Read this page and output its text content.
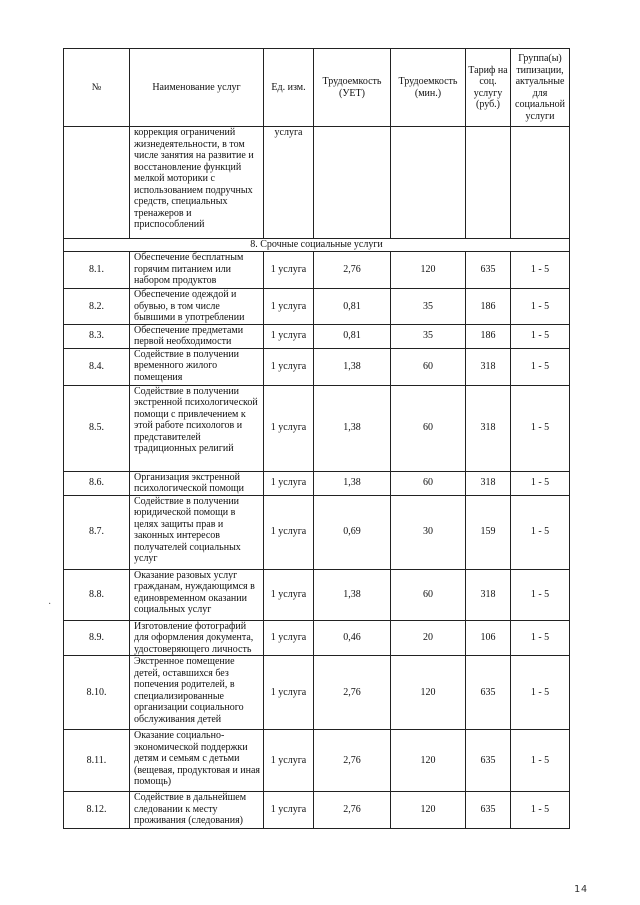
№	Наименование услуг	Ед. изм.	Трудоемкость (УЕТ)	Трудоемкость (мин.)	Тариф на соц. услугу (руб.)	Группа(ы) типизации, актуальные для социальной услуги
	коррекция ограничений жизнедеятельности, в том числе занятия на развитие и восстановление функций мелкой моторики с использованием подручных средств, специальных тренажеров и приспособлений	услуга				
8. Срочные социальные услуги						
8.1.	Обеспечение бесплатным горячим питанием или набором продуктов	1 услуга	2,76	120	635	1 - 5
8.2.	Обеспечение одеждой и обувью, в том числе бывшими в употреблении	1 услуга	0,81	35	186	1 - 5
8.3.	Обеспечение предметами первой необходимости	1 услуга	0,81	35	186	1 - 5
8.4.	Содействие в получении временного жилого помещения	1 услуга	1,38	60	318	1 - 5
8.5.	Содействие в получении экстренной психологической помощи с привлечением к этой работе психологов и представителей традиционных религий	1 услуга	1,38	60	318	1 - 5
8.6.	Организация экстренной психологической помощи	1 услуга	1,38	60	318	1 - 5
8.7.	Содействие в получении юридической помощи в целях защиты прав и законных интересов получателей социальных услуг	1 услуга	0,69	30	159	1 - 5
8.8.	Оказание разовых услуг гражданам, нуждающимся в единовременном оказании социальных услуг	1 услуга	1,38	60	318	1 - 5
8.9.	Изготовление фотографий для оформления документа, удостоверяющего личность	1 услуга	0,46	20	106	1 - 5
8.10.	Экстренное помещение детей, оставшихся без попечения родителей, в специализированные организации социального обслуживания детей	1 услуга	2,76	120	635	1 - 5
8.11.	Оказание социально-экономической поддержки детям и семьям с детьми (вещевая, продуктовая и иная помощь)	1 услуга	2,76	120	635	1 - 5
8.12.	Содействие в дальнейшем следовании к месту проживания (следования)	1 услуга	2,76	120	635	1 - 5
·
14
